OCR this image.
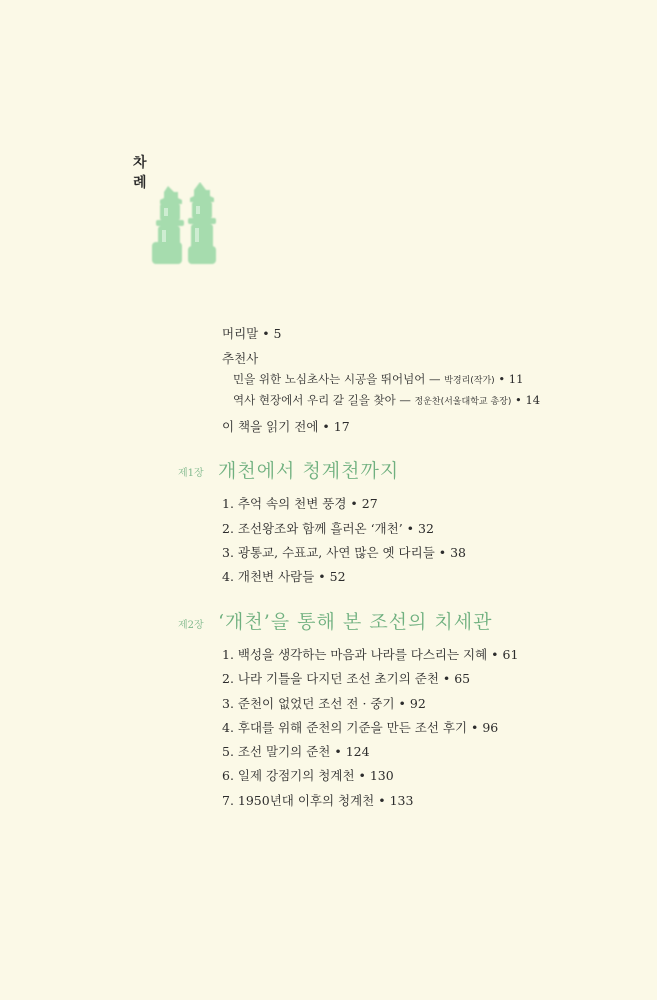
차
례
머리말 • 5
추천사
민을 위한 노심초사는 시공을 뛰어넘어 — 박경리(작가) • 11
역사 현장에서 우리 갈 길을 찾아 — 정운찬(서울대학교 총장) • 14
이 책을 읽기 전에 • 17
제1장 개천에서 청계천까지
1. 추억 속의 천변 풍경 • 27
2. 조선왕조와 함께 흘러온 ‘개천’ • 32
3. 광통교, 수표교, 사연 많은 옛 다리들 • 38
4. 개천변 사람들 • 52
제2장 ‘개천’을 통해 본 조선의 치세관
1. 백성을 생각하는 마음과 나라를 다스리는 지혜 • 61
2. 나라 기틀을 다지던 조선 초기의 준천 • 65
3. 준천이 없었던 조선 전 · 중기 • 92
4. 후대를 위해 준천의 기준을 만든 조선 후기 • 96
5. 조선 말기의 준천 • 124
6. 일제 강점기의 청계천 • 130
7. 1950년대 이후의 청계천 • 133
